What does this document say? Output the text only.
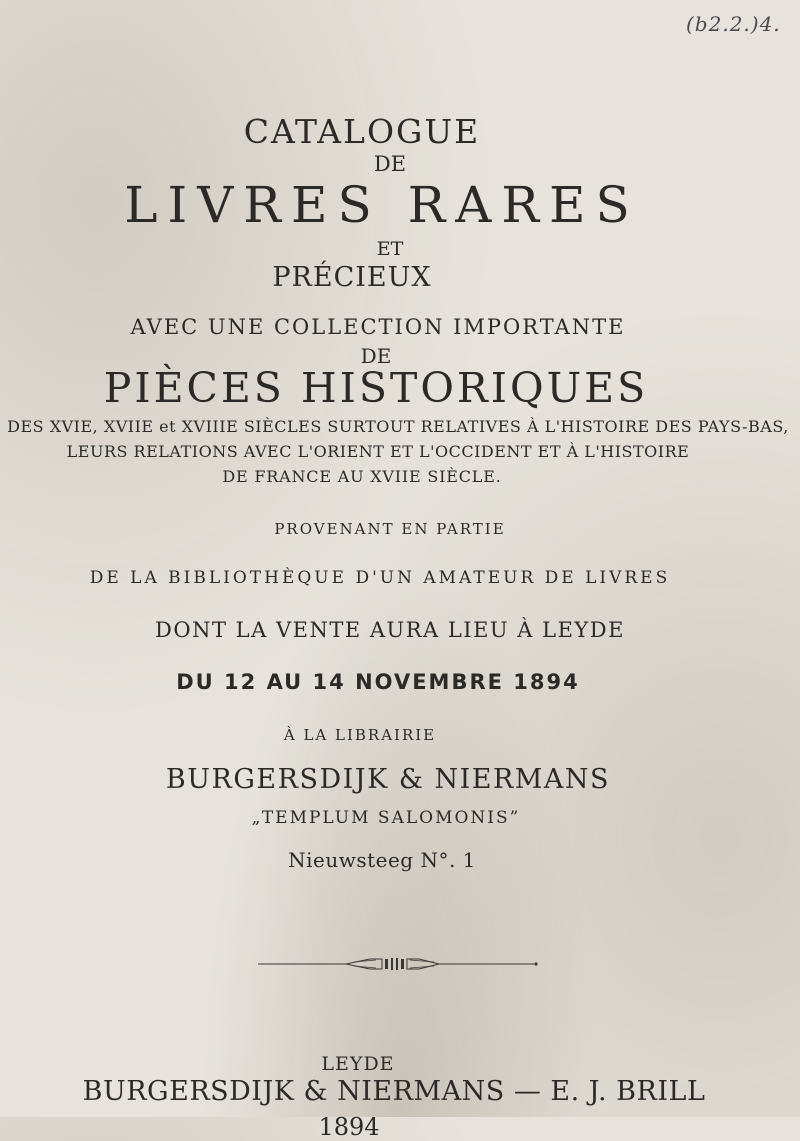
(b2.2.)4.
CATALOGUE
DE
LIVRES RARES
ET
PRÉCIEUX
AVEC UNE COLLECTION IMPORTANTE
DE
PIÈCES HISTORIQUES
DES XVIE, XVIIE et XVIIIE SIÈCLES SURTOUT RELATIVES À L'HISTOIRE DES PAYS-BAS,
LEURS RELATIONS AVEC L'ORIENT ET L'OCCIDENT ET À L'HISTOIRE
DE FRANCE AU XVIIE SIÈCLE.
PROVENANT EN PARTIE
DE LA BIBLIOTHÈQUE D'UN AMATEUR DE LIVRES
DONT LA VENTE AURA LIEU À LEYDE
DU 12 AU 14 NOVEMBRE 1894
À LA LIBRAIRIE
BURGERSDIJK & NIERMANS
„TEMPLUM SALOMONIS”
Nieuwsteeg N°. 1
LEYDE
BURGERSDIJK & NIERMANS — E. J. BRILL
1894
